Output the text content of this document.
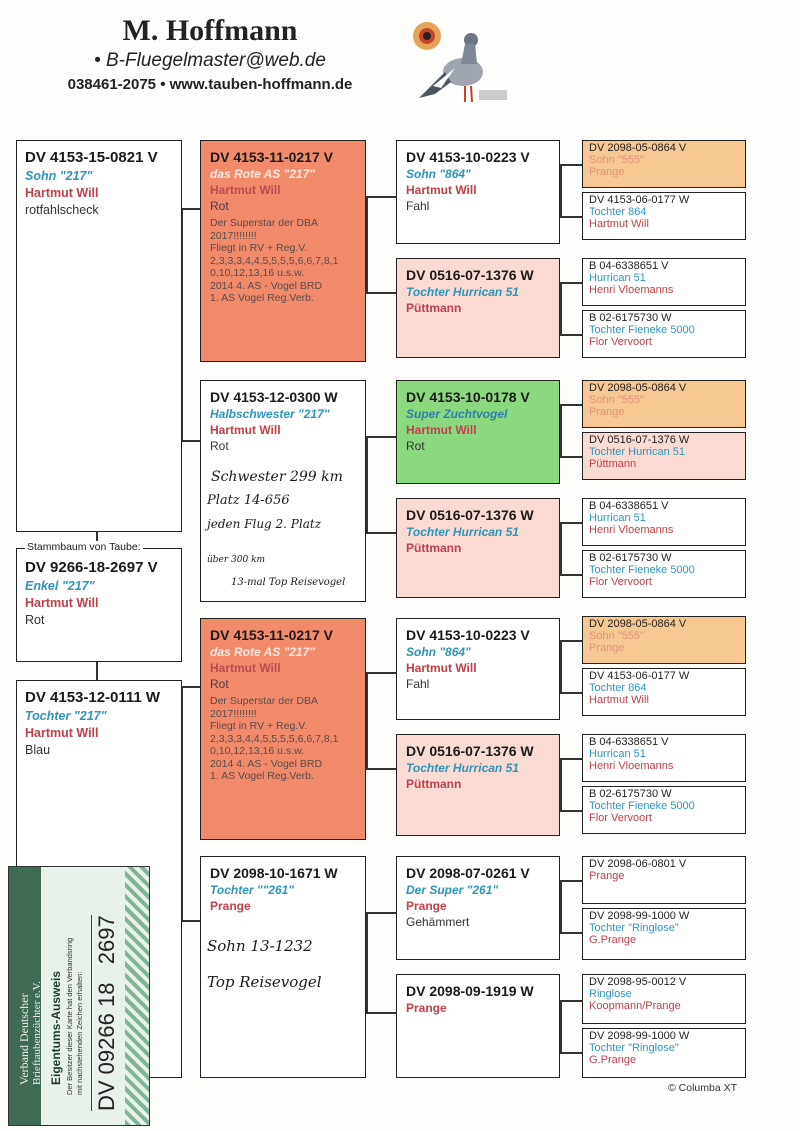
M. Hoffmann
• B-Fluegelmaster@web.de
038461-2075 • www.tauben-hoffmann.de
DV 4153-15-0821 V
Sohn "217"
Hartmut Will
rotfahlscheck
Stammbaum von Taube:
DV 9266-18-2697 V
Enkel "217"
Hartmut Will
Rot
DV 4153-12-0111 W
Tochter "217"
Hartmut Will
Blau
DV 4153-11-0217 V
das Rote AS "217"
Hartmut Will
Rot
Der Superstar der DBA
2017!!!!!!!!
Fliegt in RV + Reg.V.
2,3,3,3,4,4,5,5,5,5,6,6,7,8,1
0,10,12,13,16 u.s.w.
2014 4. AS - Vogel BRD
1. AS Vogel Reg.Verb.
DV 4153-12-0300 W
Halbschwester "217"
Hartmut Will
Rot
Schwester 299 km
Platz 14-656
jeden Flug 2. Platz
über 300 km
13-mal Top Reisevogel
DV 4153-11-0217 V
das Rote AS "217"
Hartmut Will
Rot
Der Superstar der DBA
2017!!!!!!!!
Fliegt in RV + Reg.V.
2,3,3,3,4,4,5,5,5,5,6,6,7,8,1
0,10,12,13,16 u.s.w.
2014 4. AS - Vogel BRD
1. AS Vogel Reg.Verb.
DV 2098-10-1671 W
Tochter ""261"
Prange
Sohn 13-1232
Top Reisevogel
DV 4153-10-0223 V
Sohn "864"
Hartmut Will
Fahl
DV 0516-07-1376 W
Tochter Hurrican 51
Püttmann
DV 4153-10-0178 V
Super Zuchtvogel
Hartmut Will
Rot
DV 0516-07-1376 W
Tochter Hurrican 51
Püttmann
DV 4153-10-0223 V
Sohn "864"
Hartmut Will
Fahl
DV 0516-07-1376 W
Tochter Hurrican 51
Püttmann
DV 2098-07-0261 V
Der Super "261"
Prange
Gehämmert
DV 2098-09-1919 W
Prange
DV 2098-05-0864 V
Sohn "555"
Prange
DV 4153-06-0177 W
Tochter 864
Hartmut Will
B 04-6338651 V
Hurrican 51
Henri Vloemanns
B 02-6175730 W
Tochter Fieneke 5000
Flor Vervoort
DV 2098-05-0864 V
Sohn "555"
Prange
DV 0516-07-1376 W
Tochter Hurrican 51
Püttmann
B 04-6338651 V
Hurrican 51
Henri Vloemanns
B 02-6175730 W
Tochter Fieneke 5000
Flor Vervoort
DV 2098-05-0864 V
Sohn "555"
Prange
DV 4153-06-0177 W
Tochter 864
Hartmut Will
B 04-6338651 V
Hurrican 51
Henri Vloemanns
B 02-6175730 W
Tochter Fieneke 5000
Flor Vervoort
DV 2098-06-0801 V
Prange
DV 2098-99-1000 W
Tochter "Ringlose"
G.Prange
DV 2098-95-0012 V
Ringlose
Koopmann/Prange
DV 2098-99-1000 W
Tochter "Ringlose"
G.Prange
Verband Deutscher Brieftaubenzüchter e.V. Eigentums-Ausweis Der Besitzer dieser Karte hat den Verbandsring mit nachstehenden Zeichen erhalten: DV 09266 18   2697	© Columba XT
